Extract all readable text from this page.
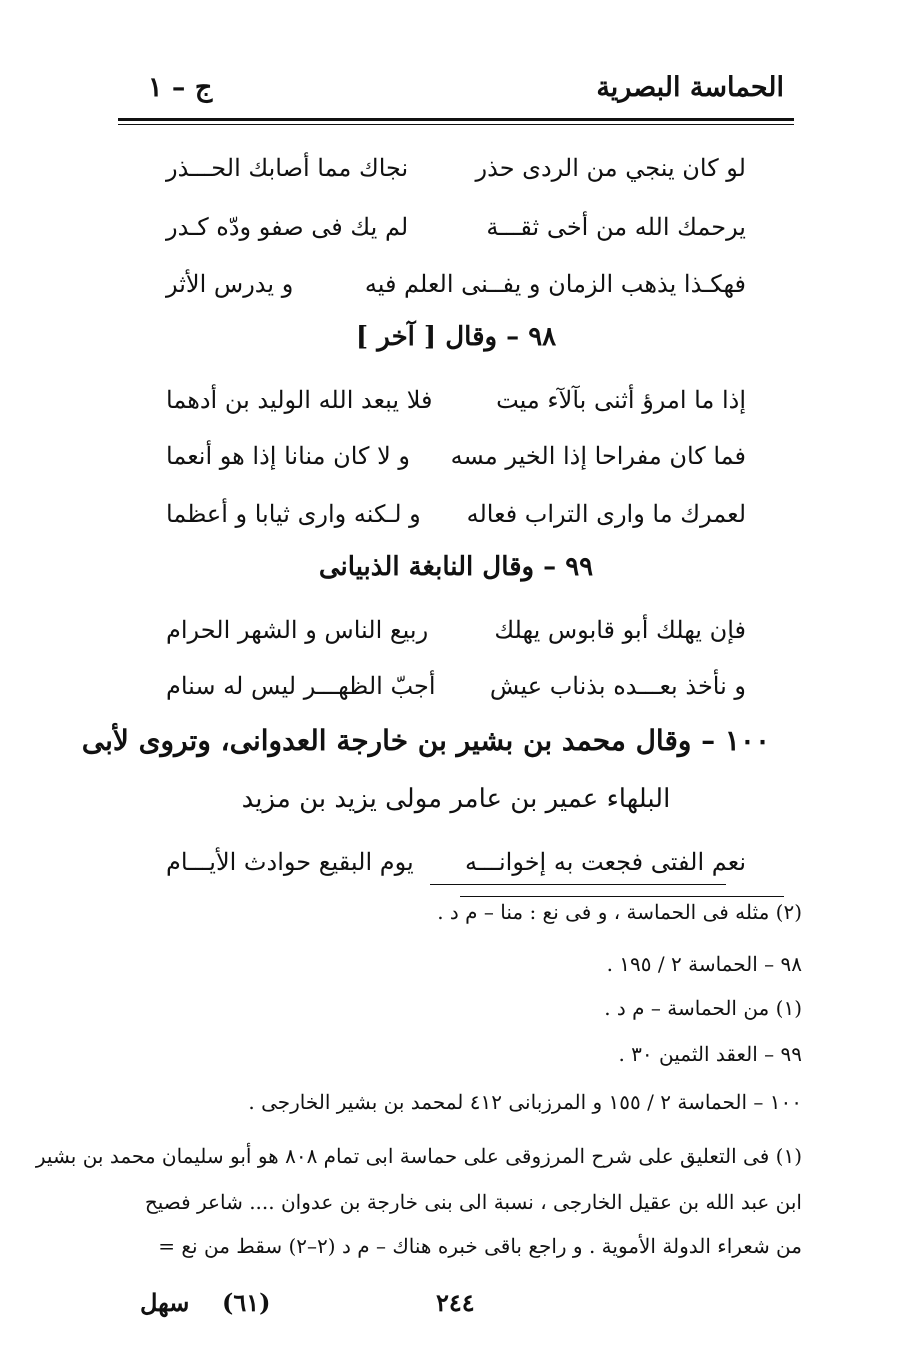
الحماسة البصرية
ج – ١
لو كان ينجي من الردى حذر
نجاك مما أصابك الحـــذر
يرحمك الله من أخى ثقـــة
لم يك فى صفو ودّه كـدر
فهكـذا يذهب الزمان و يفــنى العلم فيه
و يدرس الأثر
٩٨ – وقال [ آخر ]
إذا ما امرؤ أثنى بآلآء ميت
فلا يبعد الله الوليد بن أدهما
فما كان مفراحا إذا الخير مسه
و لا كان منانا إذا هو أنعما
لعمرك ما وارى التراب فعاله
و لـكنه وارى ثيابا و أعظما
٩٩ – وقال النابغة الذبيانى
فإن يهلك أبو قابوس يهلك
ربيع الناس و الشهر الحرام
و نأخذ بعـــده بذناب عيش
أجبّ الظهـــر ليس له سنام
١٠٠ – وقال محمد بن بشير بن خارجة العدوانى، وتروى لأبى
البلهاء عمير بن عامر مولى يزيد بن مزيد
نعم الفتى فجعت به إخوانـــه
يوم البقيع حوادث الأيـــام
(٢) مثله فى الحماسة ، و فى نع : منا – م د .
٩٨ – الحماسة ٢ / ١٩٥ .
(١) من الحماسة – م د .
٩٩ – العقد الثمين ٣٠ .
١٠٠ – الحماسة ٢ / ١٥٥ و المرزبانى ٤١٢ لمحمد بن بشير الخارجى .
(١) فى التعليق على شرح المرزوقى على حماسة ابى تمام ٨٠٨ هو أبو سليمان محمد بن بشير
ابن عبد الله بن عقيل الخارجى ، نسبة الى بنى خارجة بن عدوان .... شاعر فصيح
من شعراء الدولة الأموية . و راجع باقى خبره هناك – م د (٢–٢) سقط من نع =
٢٤٤
(٦١)
سهل
